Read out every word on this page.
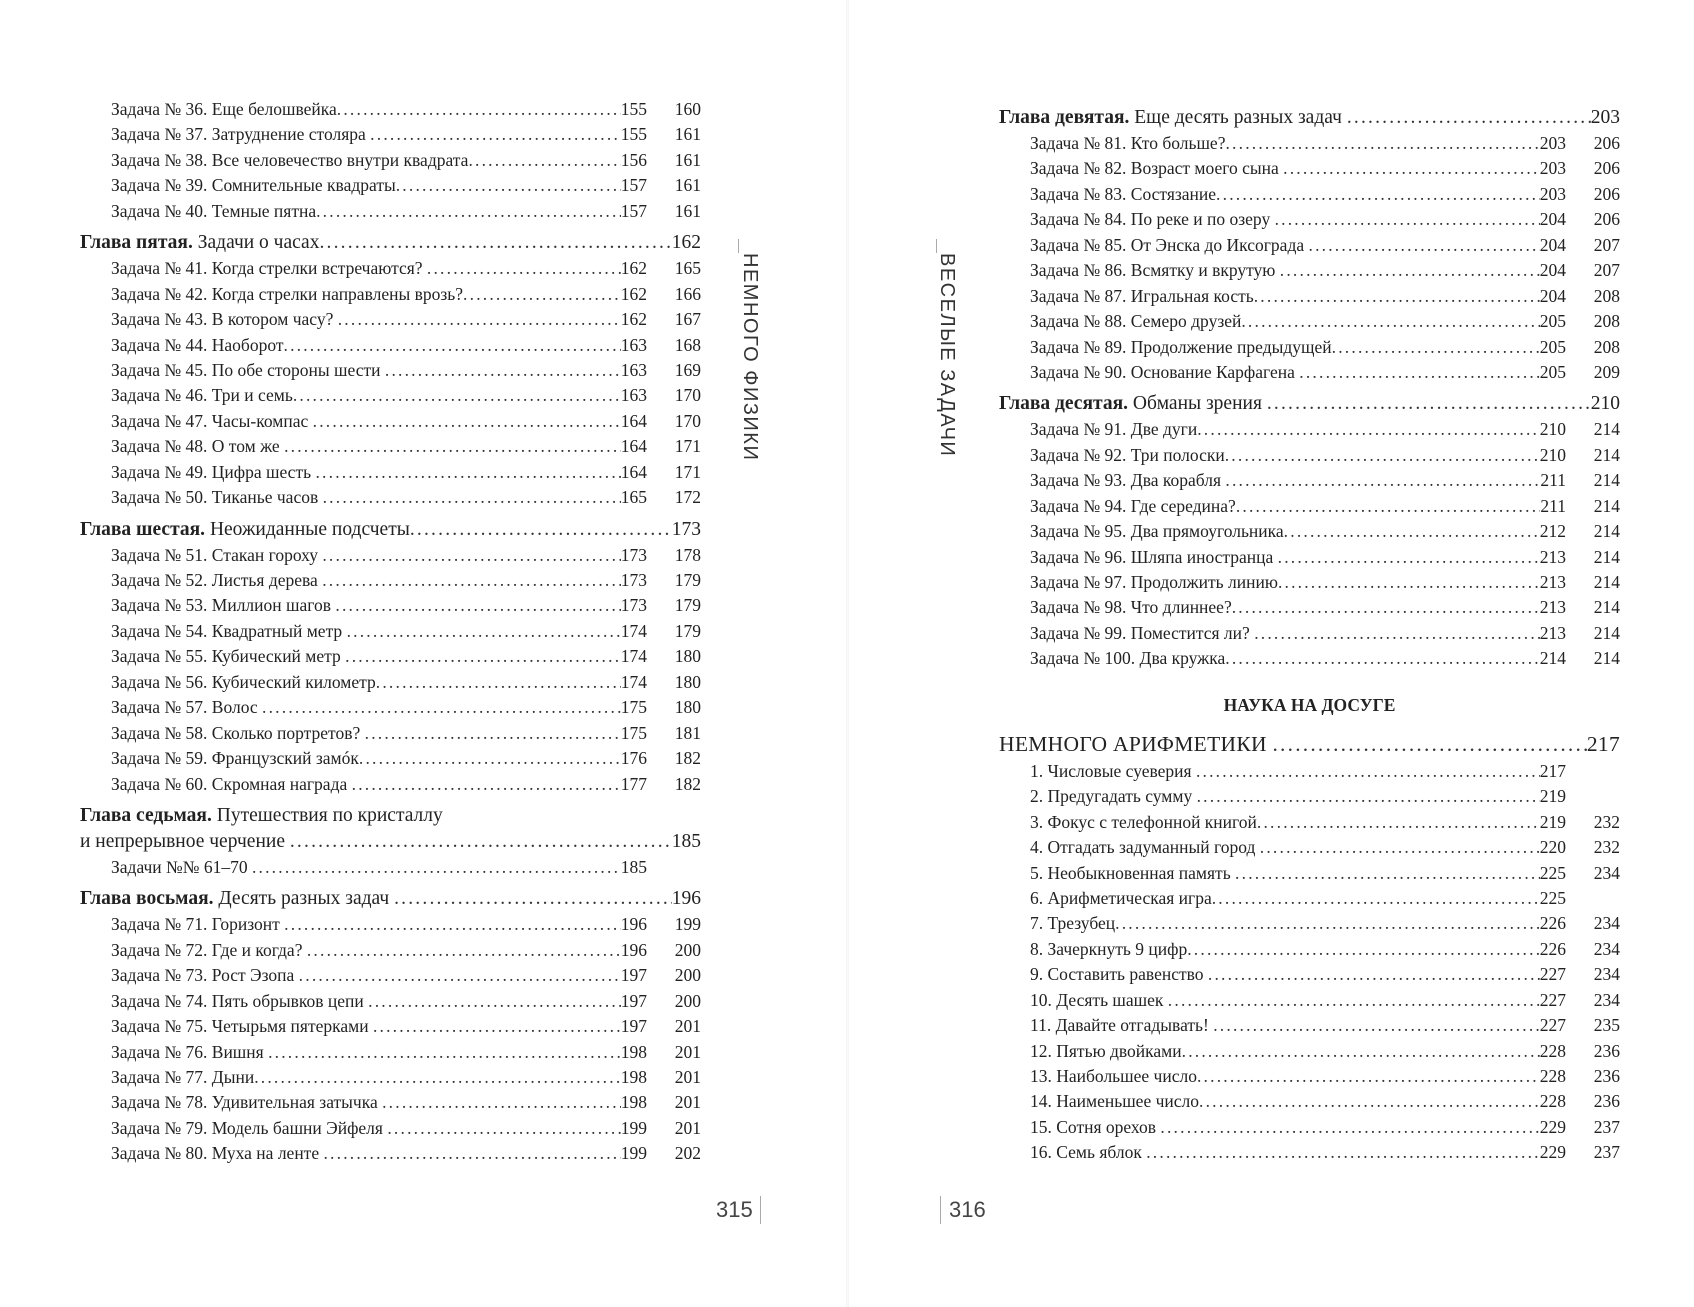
Задача № 36. Еще белошвейка .....	155	160
Задача № 37. Затруднение столяра .....	155	161
Задача № 38. Все человечество внутри квадрата .....	156	161
Задача № 39. Сомнительные квадраты .....	157	161
Задача № 40. Темные пятна .....	157	161
Глава пятая. Задачи о часах .....	162
Задача № 41. Когда стрелки встречаются? .....	162	165
Задача № 42. Когда стрелки направлены врозь? .....	162	166
Задача № 43. В котором часу? .....	162	167
Задача № 44. Наоборот .....	163	168
Задача № 45. По обе стороны шести .....	163	169
Задача № 46. Три и семь .....	163	170
Задача № 47. Часы-компас .....	164	170
Задача № 48. О том же .....	164	171
Задача № 49. Цифра шесть .....	164	171
Задача № 50. Тиканье часов .....	165	172
Глава шестая. Неожиданные подсчеты .....	173
Задача № 51. Стакан гороху .....	173	178
Задача № 52. Листья дерева .....	173	179
Задача № 53. Миллион шагов .....	173	179
Задача № 54. Квадратный метр .....	174	179
Задача № 55. Кубический метр .....	174	180
Задача № 56. Кубический километр .....	174	180
Задача № 57. Волос .....	175	180
Задача № 58. Сколько портретов? .....	175	181
Задача № 59. Французский замóк .....	176	182
Задача № 60. Скромная награда .....	177	182
Глава седьмая. Путешествия по кристаллу
и непрерывное черчение .....	185
Задачи №№ 61–70 .....	185
Глава восьмая. Десять разных задач .....	196
Задача № 71. Горизонт .....	196	199
Задача № 72. Где и когда? .....	196	200
Задача № 73. Рост Эзопа .....	197	200
Задача № 74. Пять обрывков цепи .....	197	200
Задача № 75. Четырьмя пятерками .....	197	201
Задача № 76. Вишня .....	198	201
Задача № 77. Дыни .....	198	201
Задача № 78. Удивительная затычка .....	198	201
Задача № 79. Модель башни Эйфеля .....	199	201
Задача № 80. Муха на ленте .....	199	202
НЕМНОГО ФИЗИКИ
315
Глава девятая. Еще десять разных задач .....	203
Задача № 81. Кто больше? .....	203	206
Задача № 82. Возраст моего сына .....	203	206
Задача № 83. Состязание .....	203	206
Задача № 84. По реке и по озеру .....	204	206
Задача № 85. От Энска до Иксограда .....	204	207
Задача № 86. Всмятку и вкрутую .....	204	207
Задача № 87. Игральная кость .....	204	208
Задача № 88. Семеро друзей .....	205	208
Задача № 89. Продолжение предыдущей .....	205	208
Задача № 90. Основание Карфагена .....	205	209
Глава десятая. Обманы зрения .....	210
Задача № 91. Две дуги .....	210	214
Задача № 92. Три полоски .....	210	214
Задача № 93. Два корабля .....	211	214
Задача № 94. Где середина? .....	211	214
Задача № 95. Два прямоугольника .....	212	214
Задача № 96. Шляпа иностранца .....	213	214
Задача № 97. Продолжить линию .....	213	214
Задача № 98. Что длиннее? .....	213	214
Задача № 99. Поместится ли? .....	213	214
Задача № 100. Два кружка .....	214	214
НАУКА НА ДОСУГЕ
НЕМНОГО АРИФМЕТИКИ .....	217
1. Числовые суеверия .....	217
2. Предугадать сумму .....	219
3. Фокус с телефонной книгой .....	219	232
4. Отгадать задуманный город .....	220	232
5. Необыкновенная память .....	225	234
6. Арифметическая игра .....	225
7. Трезубец .....	226	234
8. Зачеркнуть 9 цифр .....	226	234
9. Составить равенство .....	227	234
10. Десять шашек .....	227	234
11. Давайте отгадывать! .....	227	235
12. Пятью двойками .....	228	236
13. Наибольшее число .....	228	236
14. Наименьшее число .....	228	236
15. Сотня орехов .....	229	237
16. Семь яблок .....	229	237
ВЕСЕЛЫЕ ЗАДАЧИ
316
